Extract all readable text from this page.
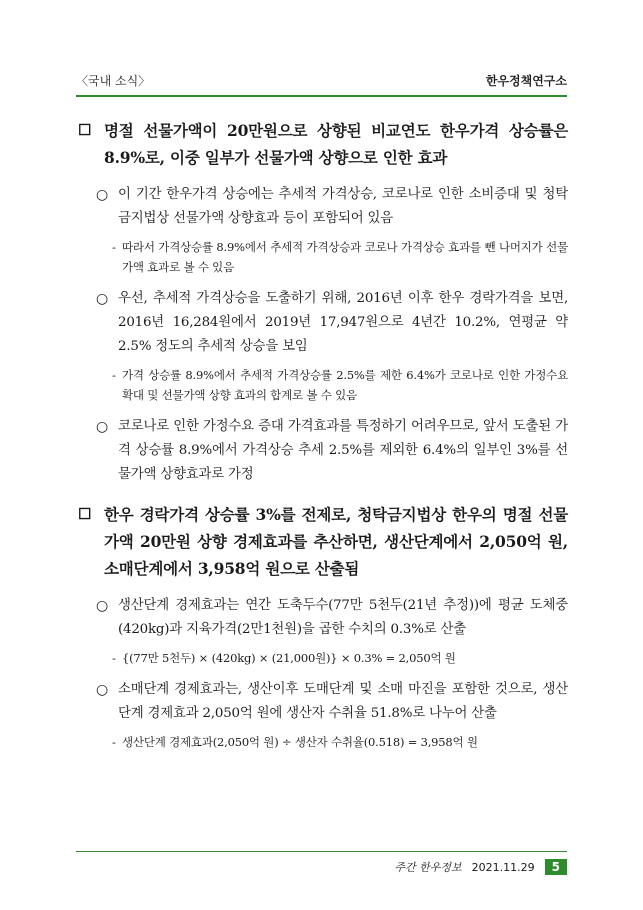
〈국내 소식〉	한우정책연구소
☐ 명절 선물가액이 20만원으로 상향된 비교연도 한우가격 상승률은 8.9%로, 이중 일부가 선물가액 상향으로 인한 효과
○ 이 기간 한우가격 상승에는 추세적 가격상승, 코로나로 인한 소비증대 및 청탁금지법상 선물가액 상향효과 등이 포함되어 있음
- 따라서 가격상승률 8.9%에서 추세적 가격상승과 코로나 가격상승 효과를 뺀 나머지가 선물가액 효과로 볼 수 있음
○ 우선, 추세적 가격상승을 도출하기 위해, 2016년 이후 한우 경락가격을 보면, 2016년 16,284원에서 2019년 17,947원으로 4년간 10.2%, 연평균 약 2.5% 정도의 추세적 상승을 보임
- 가격 상승률 8.9%에서 추세적 가격상승률 2.5%를 제한 6.4%가 코로나로 인한 가정수요 확대 및 선물가액 상향 효과의 합계로 볼 수 있음
○ 코로나로 인한 가정수요 증대 가격효과를 특정하기 어려우므로, 앞서 도출된 가격 상승률 8.9%에서 가격상승 추세 2.5%를 제외한 6.4%의 일부인 3%를 선물가액 상향효과로 가정
☐ 한우 경락가격 상승률 3%를 전제로, 청탁금지법상 한우의 명절 선물가액 20만원 상향 경제효과를 추산하면, 생산단계에서 2,050억 원, 소매단계에서 3,958억 원으로 산출됨
○ 생산단계 경제효과는 연간 도축두수(77만 5천두(21년 추정))에 평균 도체중(420kg)과 지육가격(2만1천원)을 곱한 수치의 0.3%로 산출
- {(77만 5천두) × (420kg) × (21,000원)} × 0.3% = 2,050억 원
○ 소매단계 경제효과는, 생산이후 도매단계 및 소매 마진을 포함한 것으로, 생산단계 경제효과 2,050억 원에 생산자 수취율 51.8%로 나누어 산출
- 생산단계 경제효과(2,050억 원) ÷ 생산자 수취율(0.518) = 3,958억 원
주간 한우정보 2021.11.29	5
